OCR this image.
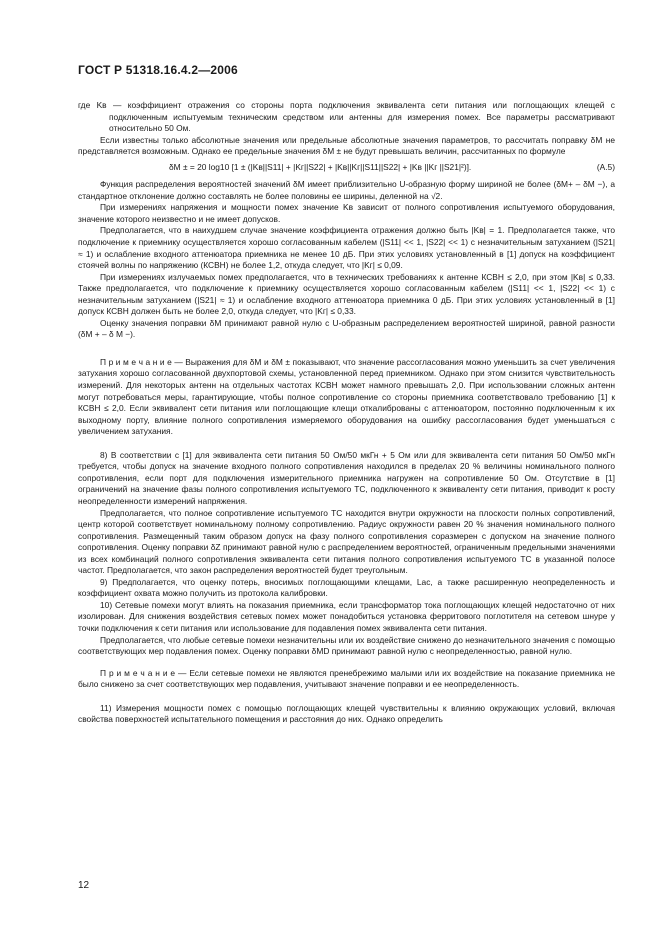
ГОСТ Р 51318.16.4.2—2006

где Kв — коэффициент отражения со стороны порта подключения эквивалента сети питания или поглощающих клещей с подключенным испытуемым техническим средством или антенны для измерения помех. Все параметры рассматривают относительно 50 Ом.

Если известны только абсолютные значения или предельные абсолютные значения параметров, то рассчитать поправку δM не представляется возможным. Однако ее предельные значения δM ± не будут превышать величин, рассчитанных по формуле

δM ± = 20 log10 [1 ± (|Kв||S11| + |Kг||S22| + |Kв||Kг||S11||S22| + |Kв ||Kг ||S21|²)].	(А.5)

Функция распределения вероятностей значений δM имеет приблизительно U-образную форму шириной не более (δM+ – δM −), а стандартное отклонение должно составлять не более половины ее ширины, деленной на √2.

При измерениях напряжения и мощности помех значение Kв зависит от полного сопротивления испытуемого оборудования, значение которого неизвестно и не имеет допусков.

Предполагается, что в наихудшем случае значение коэффициента отражения должно быть |Kв| = 1. Предполагается также, что подключение к приемнику осуществляется хорошо согласованным кабелем (|S11| << 1, |S22| << 1) с незначительным затуханием (|S21| ≈ 1) и ослабление входного аттенюатора приемника не менее 10 дБ. При этих условиях установленный в [1] допуск на коэффициент стоячей волны по напряжению (КСВН) не более 1,2, откуда следует, что |Kг| ≤ 0,09.

При измерениях излучаемых помех предполагается, что в технических требованиях к антенне КСВН ≤ 2,0, при этом |Kв| ≤ 0,33. Также предполагается, что подключение к приемнику осуществляется хорошо согласованным кабелем (|S11| << 1, |S22| << 1) с незначительным затуханием (|S21| ≈ 1) и ослабление входного аттенюатора приемника 0 дБ. При этих условиях установленный в [1] допуск КСВН должен быть не более 2,0, откуда следует, что |Kг| ≤ 0,33.

Оценку значения поправки δM принимают равной нулю с U-образным распределением вероятностей шириной, равной разности (δM + – δ M −).

П р и м е ч а н и е — Выражения для δM и δM ± показывают, что значение рассогласования можно уменьшить за счет увеличения затухания хорошо согласованной двухпортовой схемы, установленной перед приемником. Однако при этом снизится чувствительность измерений. Для некоторых антенн на отдельных частотах КСВН может намного превышать 2,0. При использовании сложных антенн могут потребоваться меры, гарантирующие, чтобы полное сопротивление со стороны приемника соответствовало требованию [1] к КСВН ≤ 2,0. Если эквивалент сети питания или поглощающие клещи откалиброваны с аттенюатором, постоянно подключенным к их выходному порту, влияние полного сопротивления измеряемого оборудования на ошибку рассогласования будет уменьшаться с увеличением затухания.

8) В соответствии с [1] для эквивалента сети питания 50 Ом/50 мкГн + 5 Ом или для эквивалента сети питания 50 Ом/50 мкГн требуется, чтобы допуск на значение входного полного сопротивления находился в пределах 20 % величины номинального полного сопротивления, если порт для подключения измерительного приемника нагружен на сопротивление 50 Ом. Отсутствие в [1] ограничений на значение фазы полного сопротивления испытуемого ТС, подключенного к эквиваленту сети питания, приводит к росту неопределенности измерений напряжения.

Предполагается, что полное сопротивление испытуемого ТС находится внутри окружности на плоскости полных сопротивлений, центр которой соответствует номинальному полному сопротивлению. Радиус окружности равен 20 % значения номинального полного сопротивления. Размещенный таким образом допуск на фазу полного сопротивления соразмерен с допуском на значение полного сопротивления. Оценку поправки δZ принимают равной нулю с распределением вероятностей, ограниченным предельными значениями из всех комбинаций полного сопротивления эквивалента сети питания полного сопротивления испытуемого ТС в указанной полосе частот. Предполагается, что закон распределения вероятностей будет треугольным.

9) Предполагается, что оценку потерь, вносимых поглощающими клещами, Lac, а также расширенную неопределенность и коэффициент охвата можно получить из протокола калибровки.

10) Сетевые помехи могут влиять на показания приемника, если трансформатор тока поглощающих клещей недостаточно от них изолирован. Для снижения воздействия сетевых помех может понадобиться установка ферритового поглотителя на сетевом шнуре у точки подключения к сети питания или использование для подавления помех эквивалента сети питания.

Предполагается, что любые сетевые помехи незначительны или их воздействие снижено до незначительного значения с помощью соответствующих мер подавления помех. Оценку поправки δMD принимают равной нулю с неопределенностью, равной нулю.

П р и м е ч а н и е — Если сетевые помехи не являются пренебрежимо малыми или их воздействие на показание приемника не было снижено за счет соответствующих мер подавления, учитывают значение поправки и ее неопределенность.

11) Измерения мощности помех с помощью поглощающих клещей чувствительны к влиянию окружающих условий, включая свойства поверхностей испытательного помещения и расстояния до них. Однако определить

12
